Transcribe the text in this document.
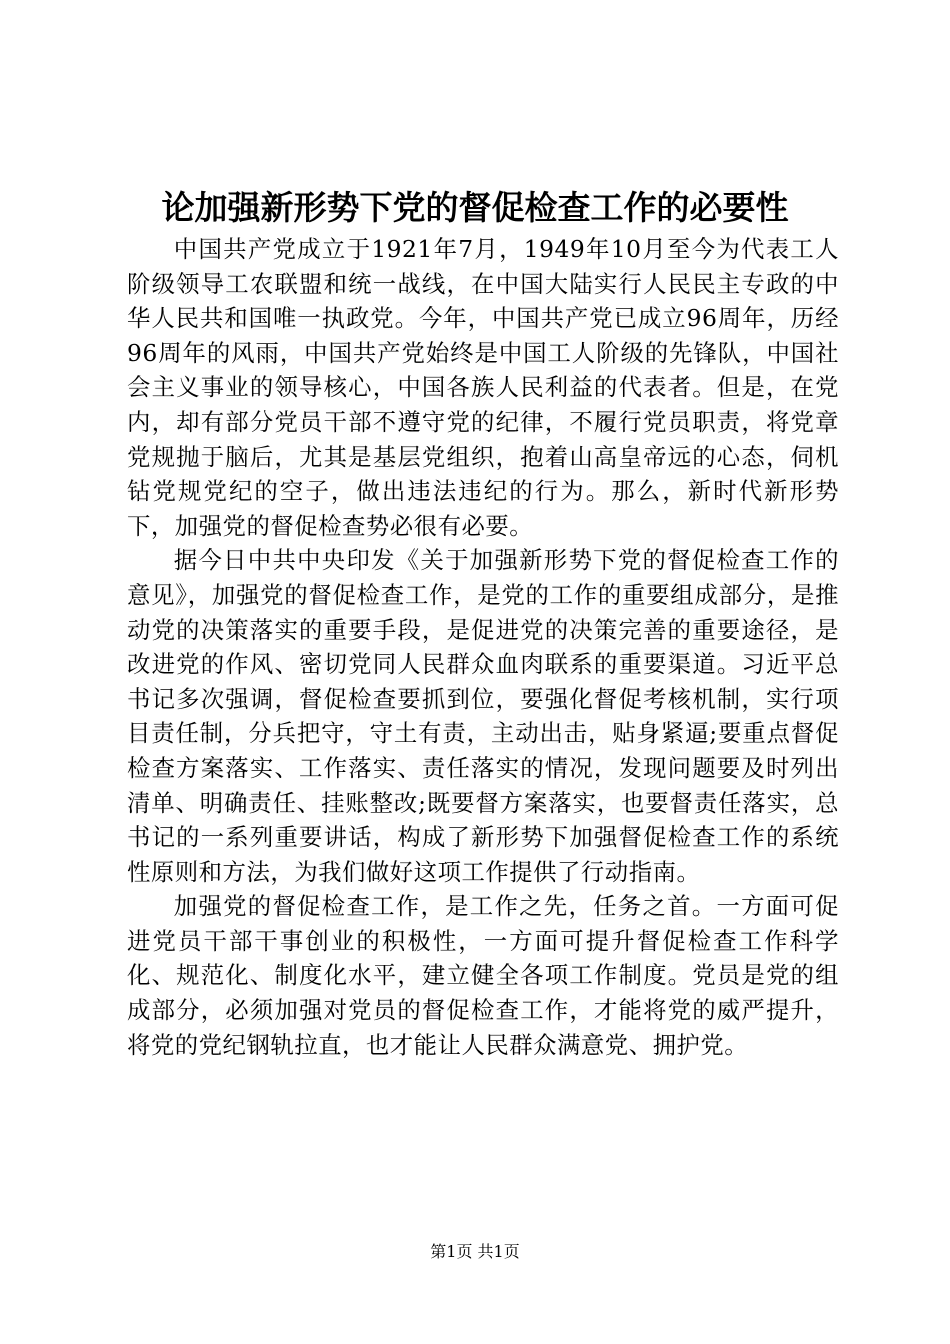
论加强新形势下党的督促检查工作的必要性

中国共产党成立于1921年7月，1949年10月至今为代表工人阶级领导工农联盟和统一战线，在中国大陆实行人民民主专政的中华人民共和国唯一执政党。今年，中国共产党已成立96周年，历经96周年的风雨，中国共产党始终是中国工人阶级的先锋队，中国社会主义事业的领导核心，中国各族人民利益的代表者。但是，在党内，却有部分党员干部不遵守党的纪律，不履行党员职责，将党章党规抛于脑后，尤其是基层党组织，抱着山高皇帝远的心态，伺机钻党规党纪的空子，做出违法违纪的行为。那么，新时代新形势下，加强党的督促检查势必很有必要。

据今日中共中央印发《关于加强新形势下党的督促检查工作的意见》，加强党的督促检查工作，是党的工作的重要组成部分，是推动党的决策落实的重要手段，是促进党的决策完善的重要途径，是改进党的作风、密切党同人民群众血肉联系的重要渠道。习近平总书记多次强调，督促检查要抓到位，要强化督促考核机制，实行项目责任制，分兵把守，守土有责，主动出击，贴身紧逼;要重点督促检查方案落实、工作落实、责任落实的情况，发现问题要及时列出清单、明确责任、挂账整改;既要督方案落实，也要督责任落实，总书记的一系列重要讲话，构成了新形势下加强督促检查工作的系统性原则和方法，为我们做好这项工作提供了行动指南。

加强党的督促检查工作，是工作之先，任务之首。一方面可促进党员干部干事创业的积极性，一方面可提升督促检查工作科学化、规范化、制度化水平，建立健全各项工作制度。党员是党的组成部分，必须加强对党员的督促检查工作，才能将党的威严提升，将党的党纪钢轨拉直，也才能让人民群众满意党、拥护党。

第1页 共1页
